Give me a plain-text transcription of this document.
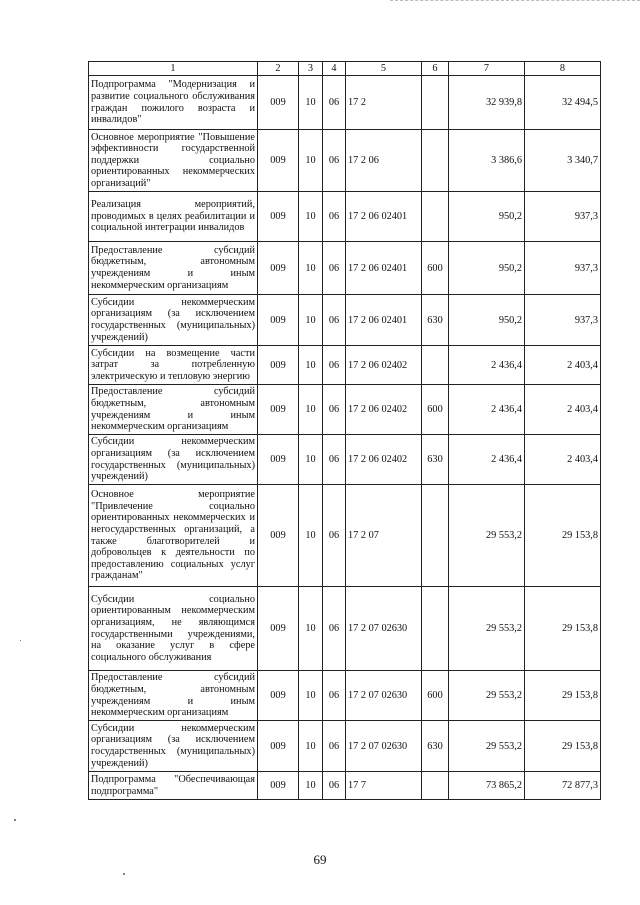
1	2	3	4	5	6	7	8
Подпрограмма "Модернизация и развитие социального обслуживания граждан пожилого возраста и инвалидов"	009	10	06	17 2		32 939,8	32 494,5
Основное мероприятие "Повышение эффективности государственной поддержки социально ориентированных некоммерческих организаций"	009	10	06	17 2 06		3 386,6	3 340,7
Реализация мероприятий, проводимых в целях реабилитации и социальной интеграции инвалидов	009	10	06	17 2 06 02401		950,2	937,3
Предоставление субсидий бюджетным, автономным учреждениям и иным некоммерческим организациям	009	10	06	17 2 06 02401	600	950,2	937,3
Субсидии некоммерческим организациям (за исключением государственных (муниципальных) учреждений)	009	10	06	17 2 06 02401	630	950,2	937,3
Субсидии на возмещение части затрат за потребленную электрическую и тепловую энергию	009	10	06	17 2 06 02402		2 436,4	2 403,4
Предоставление субсидий бюджетным, автономным учреждениям и иным некоммерческим организациям	009	10	06	17 2 06 02402	600	2 436,4	2 403,4
Субсидии некоммерческим организациям (за исключением государственных (муниципальных) учреждений)	009	10	06	17 2 06 02402	630	2 436,4	2 403,4
Основное мероприятие "Привлечение социально ориентированных некоммерческих и негосударственных организаций, а также благотворителей и добровольцев к деятельности по предоставлению социальных услуг гражданам"	009	10	06	17 2 07		29 553,2	29 153,8
Субсидии социально ориентированным некоммерческим организациям, не являющимся государственными учреждениями, на оказание услуг в сфере социального обслуживания	009	10	06	17 2 07 02630		29 553,2	29 153,8
Предоставление субсидий бюджетным, автономным учреждениям и иным некоммерческим организациям	009	10	06	17 2 07 02630	600	29 553,2	29 153,8
Субсидии некоммерческим организациям (за исключением государственных (муниципальных) учреждений)	009	10	06	17 2 07 02630	630	29 553,2	29 153,8
Подпрограмма "Обеспечивающая подпрограмма"	009	10	06	17 7		73 865,2	72 877,3
69
